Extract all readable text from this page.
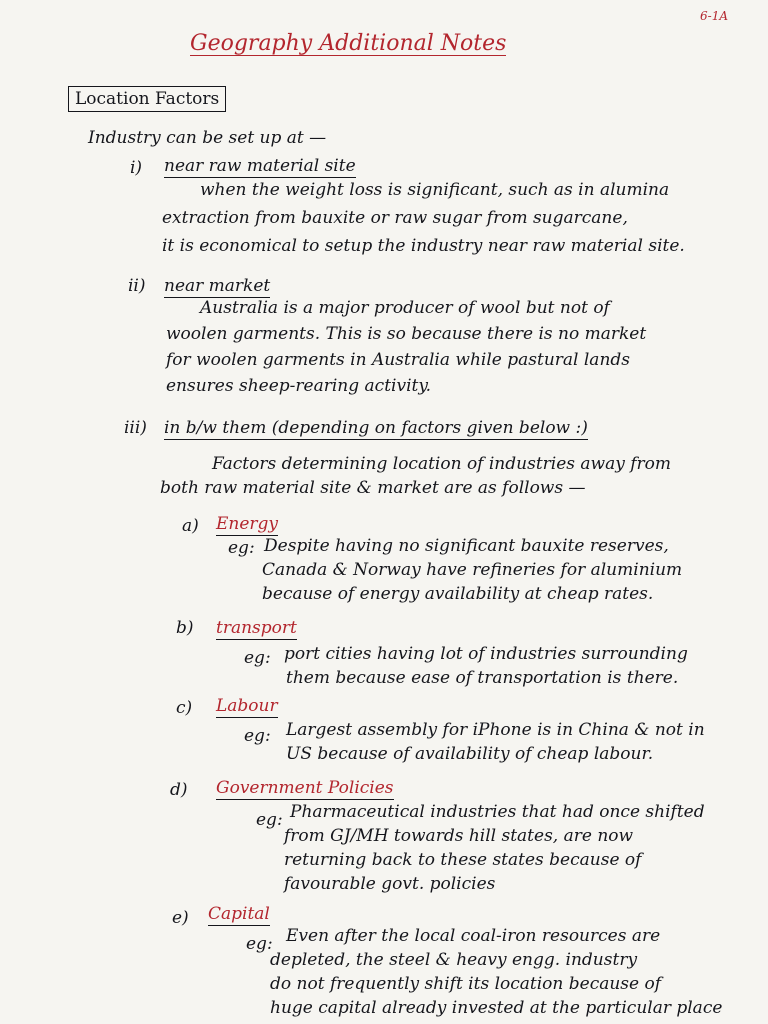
6-1A
Geography Additional Notes
Location Factors
Industry can be set up at —
i) near raw material site
when the weight loss is significant, such as in alumina
extraction from bauxite or raw sugar from sugarcane,
it is economical to setup the industry near raw material site.
ii) near market
Australia is a major producer of wool but not of
woolen garments. This is so because there is no market
for woolen garments in Australia while pastural lands
ensures sheep-rearing activity.
iii) in b/w them (depending on factors given below :)
Factors determining location of industries away from
both raw material site & market are as follows —
a) Energy
eg: Despite having no significant bauxite reserves,
Canada & Norway have refineries for aluminium
because of energy availability at cheap rates.
b) transport
eg: port cities having lot of industries surrounding
them because ease of transportation is there.
c) Labour
eg: Largest assembly for iPhone is in China & not in
US because of availability of cheap labour.
d) Government Policies
eg: Pharmaceutical industries that had once shifted
from GJ/MH towards hill states, are now
returning back to these states because of
favourable govt. policies
e) Capital
eg: Even after the local coal-iron resources are
depleted, the steel & heavy engg. industry
do not frequently shift its location because of
huge capital already invested at the particular place
